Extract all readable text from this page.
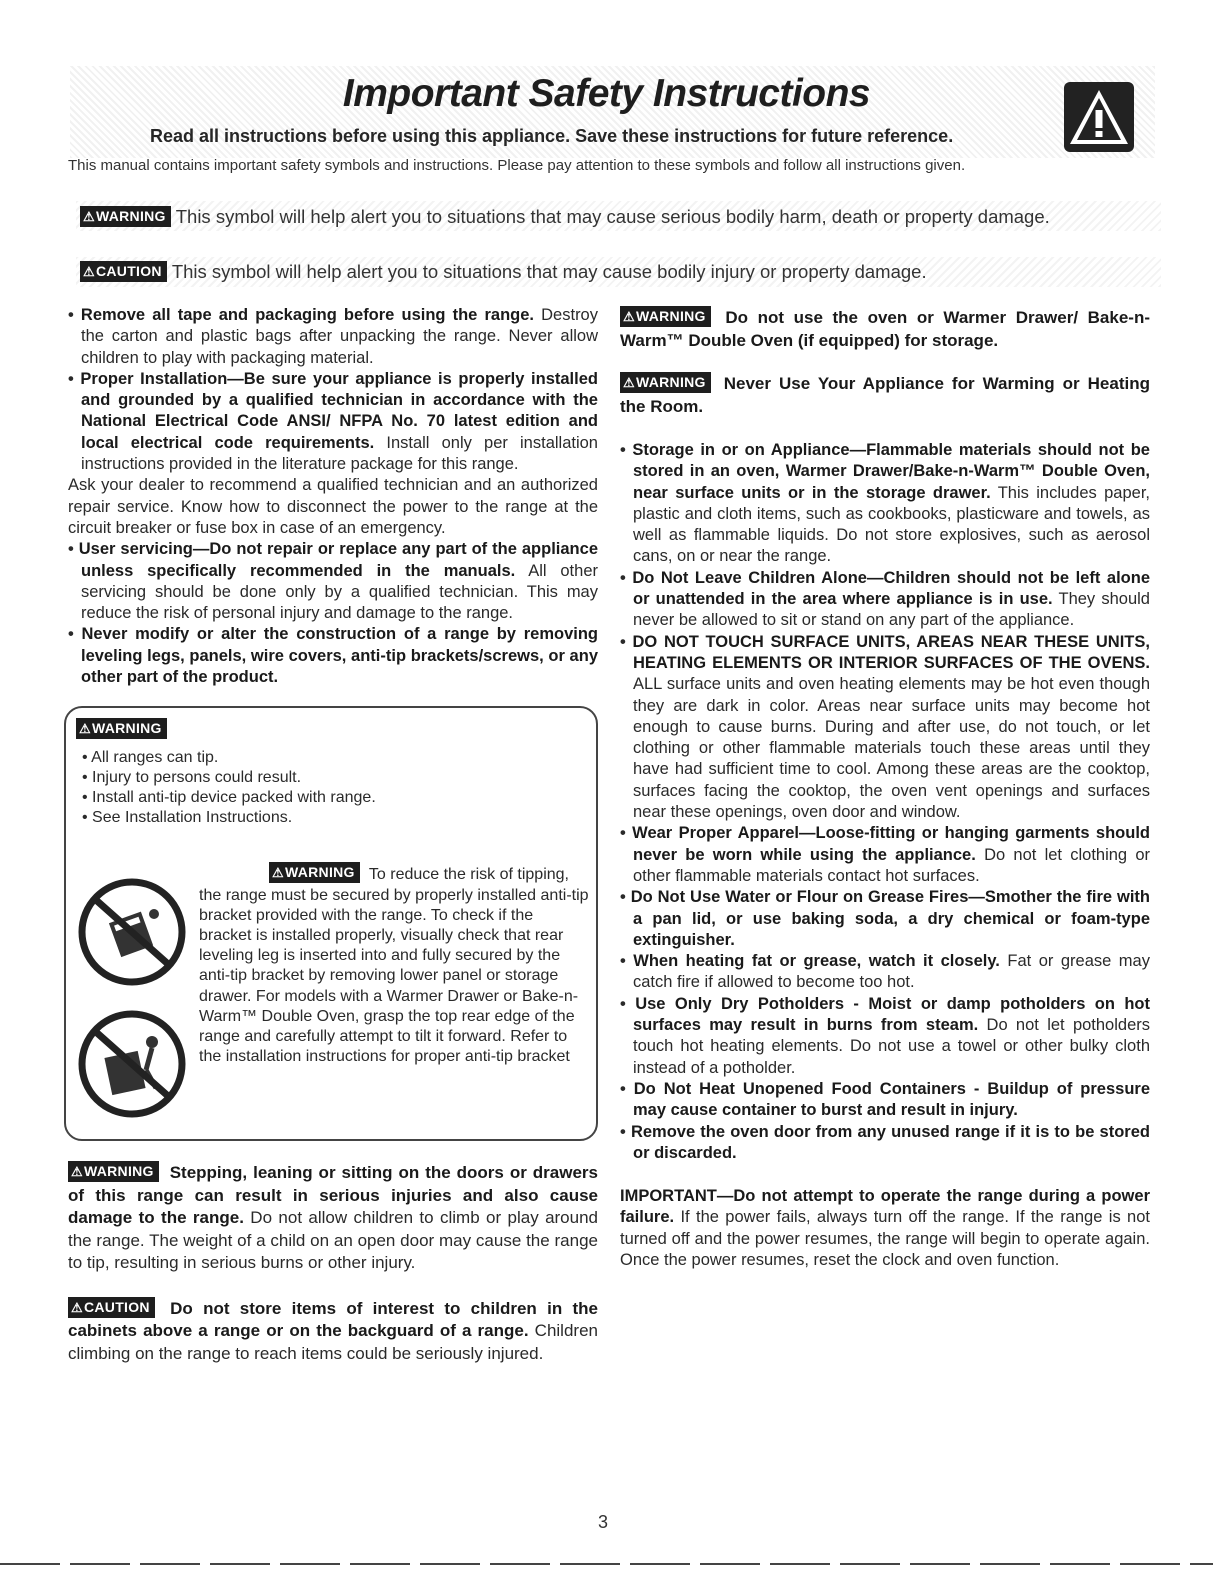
Important Safety Instructions
Read all instructions before using this appliance. Save these instructions for future reference.
This manual contains important safety symbols and instructions. Please pay attention to these symbols and follow all instructions given.
⚠WARNING This symbol will help alert you to situations that may cause serious bodily harm, death or property damage.
⚠CAUTION This symbol will help alert you to situations that may cause bodily injury or property damage.

• Remove all tape and packaging before using the range. Destroy the carton and plastic bags after unpacking the range. Never allow children to play with packaging material.

• Proper Installation—Be sure your appliance is properly installed and grounded by a qualified technician in accordance with the National Electrical Code ANSI/ NFPA No. 70 latest edition and local electrical code requirements. Install only per installation instructions provided in the literature package for this range.

Ask your dealer to recommend a qualified technician and an authorized repair service. Know how to disconnect the power to the range at the circuit breaker or fuse box in case of an emergency.

• User servicing—Do not repair or replace any part of the appliance unless specifically recommended in the manuals. All other servicing should be done only by a qualified technician. This may reduce the risk of personal injury and damage to the range.

• Never modify or alter the construction of a range by removing leveling legs, panels, wire covers, anti-tip brackets/screws, or any other part of the product.

⚠WARNING
• All ranges can tip.
• Injury to persons could result.
• Install anti-tip device packed with range.
• See Installation Instructions.
⚠WARNING To reduce the risk of tipping, the range must be secured by properly installed anti-tip bracket provided with the range. To check if the bracket is installed properly, visually check that rear leveling leg is inserted into and fully secured by the anti-tip bracket by removing lower panel or storage drawer. For models with a Warmer Drawer or Bake-n-Warm™ Double Oven, grasp the top rear edge of the range and carefully attempt to tilt it forward. Refer to the installation instructions for proper anti-tip bracket

⚠WARNING Stepping, leaning or sitting on the doors or drawers of this range can result in serious injuries and also cause damage to the range. Do not allow children to climb or play around the range. The weight of a child on an open door may cause the range to tip, resulting in serious burns or other injury.

⚠CAUTION Do not store items of interest to children in the cabinets above a range or on the backguard of a range. Children climbing on the range to reach items could be seriously injured.

⚠WARNING Do not use the oven or Warmer Drawer/ Bake-n-Warm™ Double Oven (if equipped) for storage.

⚠WARNING Never Use Your Appliance for Warming or Heating the Room.

• Storage in or on Appliance—Flammable materials should not be stored in an oven, Warmer Drawer/Bake-n-Warm™ Double Oven, near surface units or in the storage drawer. This includes paper, plastic and cloth items, such as cookbooks, plasticware and towels, as well as flammable liquids. Do not store explosives, such as aerosol cans, on or near the range.

• Do Not Leave Children Alone—Children should not be left alone or unattended in the area where appliance is in use. They should never be allowed to sit or stand on any part of the appliance.

• DO NOT TOUCH SURFACE UNITS, AREAS NEAR THESE UNITS, HEATING ELEMENTS OR INTERIOR SURFACES OF THE OVENS. ALL surface units and oven heating elements may be hot even though they are dark in color. Areas near surface units may become hot enough to cause burns. During and after use, do not touch, or let clothing or other flammable materials touch these areas until they have had sufficient time to cool. Among these areas are the cooktop, surfaces facing the cooktop, the oven vent openings and surfaces near these openings, oven door and window.

• Wear Proper Apparel—Loose-fitting or hanging garments should never be worn while using the appliance. Do not let clothing or other flammable materials contact hot surfaces.

• Do Not Use Water or Flour on Grease Fires—Smother the fire with a pan lid, or use baking soda, a dry chemical or foam-type extinguisher.

• When heating fat or grease, watch it closely. Fat or grease may catch fire if allowed to become too hot.

• Use Only Dry Potholders - Moist or damp potholders on hot surfaces may result in burns from steam. Do not let potholders touch hot heating elements. Do not use a towel or other bulky cloth instead of a potholder.

• Do Not Heat Unopened Food Containers - Buildup of pressure may cause container to burst and result in injury.

• Remove the oven door from any unused range if it is to be stored or discarded.

IMPORTANT—Do not attempt to operate the range during a power failure. If the power fails, always turn off the range. If the range is not turned off and the power resumes, the range will begin to operate again. Once the power resumes, reset the clock and oven function.

3
